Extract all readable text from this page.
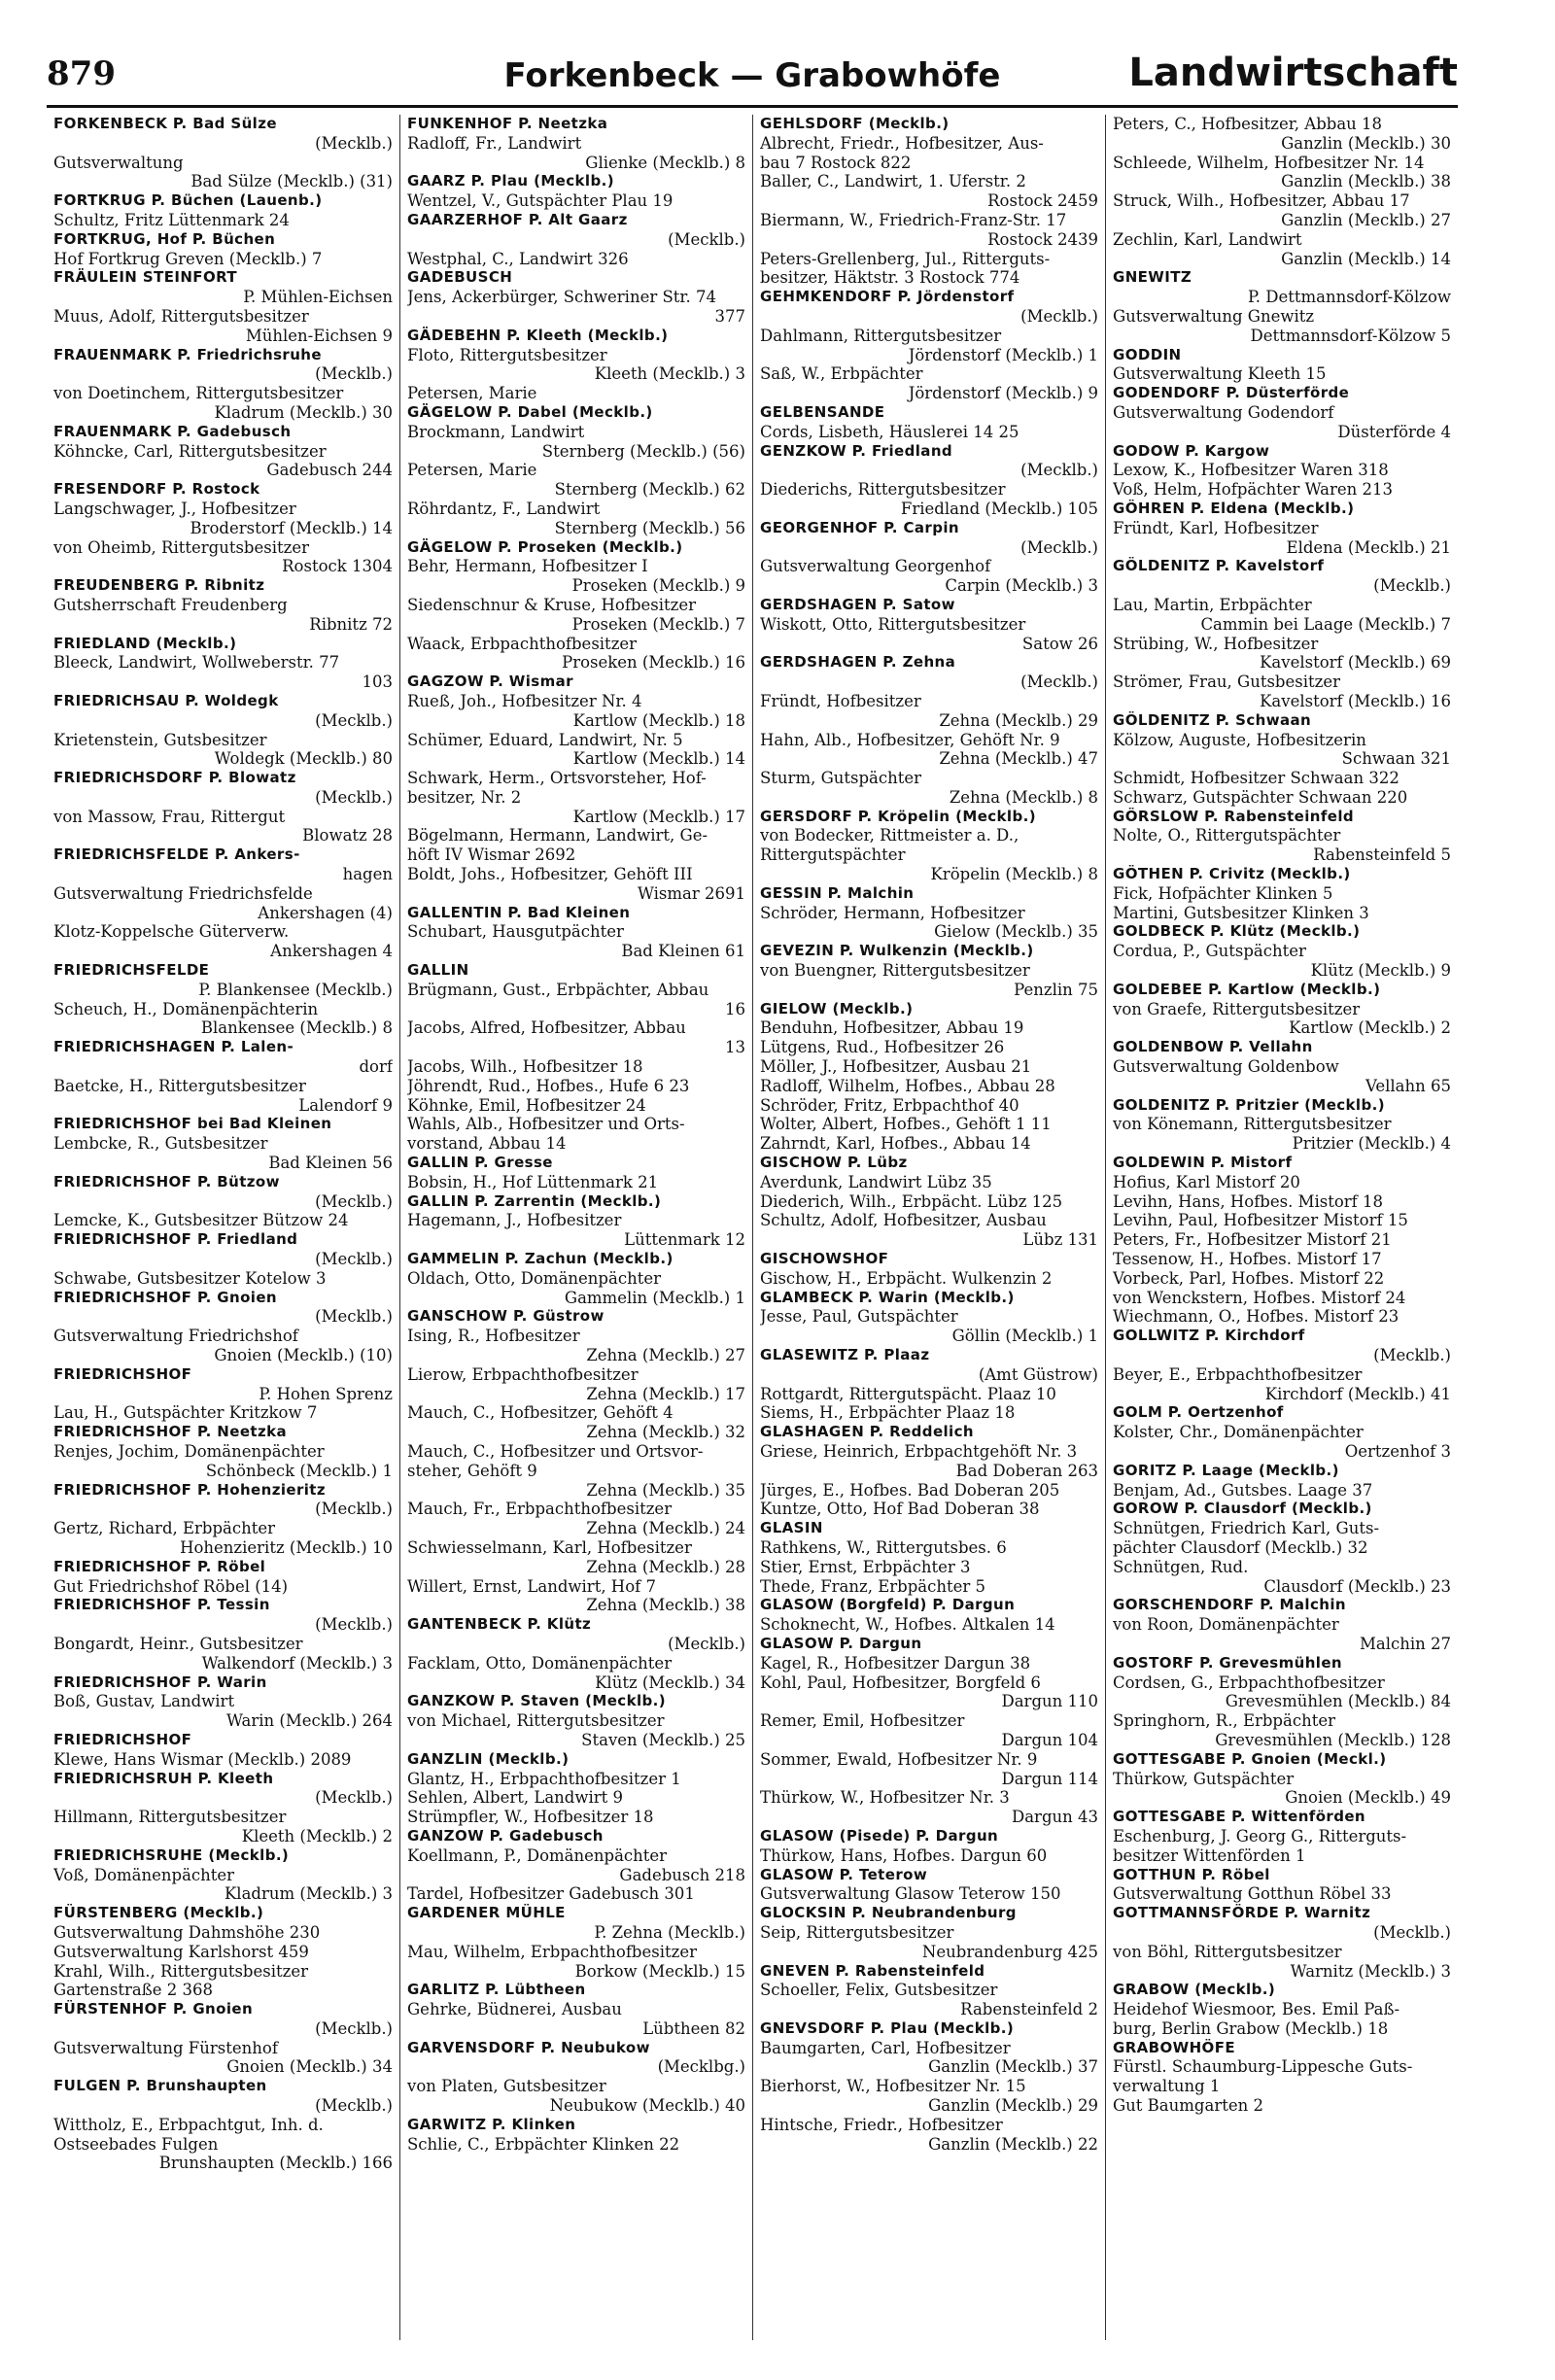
879	Forkenbeck — Grabowhöfe	Landwirtschaft
FORKENBECK P. Bad Sülze
(Mecklb.)
Gutsverwaltung
Bad Sülze (Mecklb.) (31)
FORTKRUG P. Büchen (Lauenb.)
Schultz, Fritz Lüttenmark 24
FORTKRUG, Hof P. Büchen
Hof Fortkrug Greven (Mecklb.) 7
FRÄULEIN STEINFORT
P. Mühlen-Eichsen
Muus, Adolf, Rittergutsbesitzer
Mühlen-Eichsen 9
FRAUENMARK P. Friedrichsruhe
(Mecklb.)
von Doetinchem, Rittergutsbesitzer
Kladrum (Mecklb.) 30
FRAUENMARK P. Gadebusch
Köhncke, Carl, Rittergutsbesitzer
Gadebusch 244
FRESENDORF P. Rostock
Langschwager, J., Hofbesitzer
Broderstorf (Mecklb.) 14
von Oheimb, Rittergutsbesitzer
Rostock 1304
FREUDENBERG P. Ribnitz
Gutsherrschaft Freudenberg
Ribnitz 72
FRIEDLAND (Mecklb.)
Bleeck, Landwirt, Wollweberstr. 77
103
FRIEDRICHSAU P. Woldegk
(Mecklb.)
Krietenstein, Gutsbesitzer
Woldegk (Mecklb.) 80
FRIEDRICHSDORF P. Blowatz
(Mecklb.)
von Massow, Frau, Rittergut
Blowatz 28
FRIEDRICHSFELDE P. Ankers-
hagen
Gutsverwaltung Friedrichsfelde
Ankershagen (4)
Klotz-Koppelsche Güterverw.
Ankershagen 4
FRIEDRICHSFELDE
P. Blankensee (Mecklb.)
Scheuch, H., Domänenpächterin
Blankensee (Mecklb.) 8
FRIEDRICHSHAGEN P. Lalen-
dorf
Baetcke, H., Rittergutsbesitzer
Lalendorf 9
FRIEDRICHSHOF bei Bad Kleinen
Lembcke, R., Gutsbesitzer
Bad Kleinen 56
FRIEDRICHSHOF P. Bützow
(Mecklb.)
Lemcke, K., Gutsbesitzer Bützow 24
FRIEDRICHSHOF P. Friedland
(Mecklb.)
Schwabe, Gutsbesitzer Kotelow 3
FRIEDRICHSHOF P. Gnoien
(Mecklb.)
Gutsverwaltung Friedrichshof
Gnoien (Mecklb.) (10)
FRIEDRICHSHOF
P. Hohen Sprenz
Lau, H., Gutspächter Kritzkow 7
FRIEDRICHSHOF P. Neetzka
Renjes, Jochim, Domänenpächter
Schönbeck (Mecklb.) 1
FRIEDRICHSHOF P. Hohenzieritz
(Mecklb.)
Gertz, Richard, Erbpächter
Hohenzieritz (Mecklb.) 10
FRIEDRICHSHOF P. Röbel
Gut Friedrichshof Röbel (14)
FRIEDRICHSHOF P. Tessin
(Mecklb.)
Bongardt, Heinr., Gutsbesitzer
Walkendorf (Mecklb.) 3
FRIEDRICHSHOF P. Warin
Boß, Gustav, Landwirt
Warin (Mecklb.) 264
FRIEDRICHSHOF
Klewe, Hans Wismar (Mecklb.) 2089
FRIEDRICHSRUH P. Kleeth
(Mecklb.)
Hillmann, Rittergutsbesitzer
Kleeth (Mecklb.) 2
FRIEDRICHSRUHE (Mecklb.)
Voß, Domänenpächter
Kladrum (Mecklb.) 3
FÜRSTENBERG (Mecklb.)
Gutsverwaltung Dahmshöhe 230
Gutsverwaltung Karlshorst 459
Krahl, Wilh., Rittergutsbesitzer
Gartenstraße 2 368
FÜRSTENHOF P. Gnoien
(Mecklb.)
Gutsverwaltung Fürstenhof
Gnoien (Mecklb.) 34
FULGEN P. Brunshaupten
(Mecklb.)
Wittholz, E., Erbpachtgut, Inh. d.
Ostseebades Fulgen
Brunshaupten (Mecklb.) 166
FUNKENHOF P. Neetzka
Radloff, Fr., Landwirt
Glienke (Mecklb.) 8
GAARZ P. Plau (Mecklb.)
Wentzel, V., Gutspächter Plau 19
GAARZERHOF P. Alt Gaarz
(Mecklb.)
Westphal, C., Landwirt 326
GADEBUSCH
Jens, Ackerbürger, Schweriner Str. 74
377
GÄDEBEHN P. Kleeth (Mecklb.)
Floto, Rittergutsbesitzer
Kleeth (Mecklb.) 3
Petersen, Marie
GÄGELOW P. Dabel (Mecklb.)
Brockmann, Landwirt
Sternberg (Mecklb.) (56)
Petersen, Marie
Sternberg (Mecklb.) 62
Röhrdantz, F., Landwirt
Sternberg (Mecklb.) 56
GÄGELOW P. Proseken (Mecklb.)
Behr, Hermann, Hofbesitzer I
Proseken (Mecklb.) 9
Siedenschnur & Kruse, Hofbesitzer
Proseken (Mecklb.) 7
Waack, Erbpachthofbesitzer
Proseken (Mecklb.) 16
GAGZOW P. Wismar
Rueß, Joh., Hofbesitzer Nr. 4
Kartlow (Mecklb.) 18
Schümer, Eduard, Landwirt, Nr. 5
Kartlow (Mecklb.) 14
Schwark, Herm., Ortsvorsteher, Hof-
besitzer, Nr. 2
Kartlow (Mecklb.) 17
Bögelmann, Hermann, Landwirt, Ge-
höft IV Wismar 2692
Boldt, Johs., Hofbesitzer, Gehöft III
Wismar 2691
GALLENTIN P. Bad Kleinen
Schubart, Hausgutpächter
Bad Kleinen 61
GALLIN
Brügmann, Gust., Erbpächter, Abbau
16
Jacobs, Alfred, Hofbesitzer, Abbau
13
Jacobs, Wilh., Hofbesitzer 18
Jöhrendt, Rud., Hofbes., Hufe 6 23
Köhnke, Emil, Hofbesitzer 24
Wahls, Alb., Hofbesitzer und Orts-
vorstand, Abbau 14
GALLIN P. Gresse
Bobsin, H., Hof Lüttenmark 21
GALLIN P. Zarrentin (Mecklb.)
Hagemann, J., Hofbesitzer
Lüttenmark 12
GAMMELIN P. Zachun (Mecklb.)
Oldach, Otto, Domänenpächter
Gammelin (Mecklb.) 1
GANSCHOW P. Güstrow
Ising, R., Hofbesitzer
Zehna (Mecklb.) 27
Lierow, Erbpachthofbesitzer
Zehna (Mecklb.) 17
Mauch, C., Hofbesitzer, Gehöft 4
Zehna (Mecklb.) 32
Mauch, C., Hofbesitzer und Ortsvor-
steher, Gehöft 9
Zehna (Mecklb.) 35
Mauch, Fr., Erbpachthofbesitzer
Zehna (Mecklb.) 24
Schwiesselmann, Karl, Hofbesitzer
Zehna (Mecklb.) 28
Willert, Ernst, Landwirt, Hof 7
Zehna (Mecklb.) 38
GANTENBECK P. Klütz
(Mecklb.)
Facklam, Otto, Domänenpächter
Klütz (Mecklb.) 34
GANZKOW P. Staven (Mecklb.)
von Michael, Rittergutsbesitzer
Staven (Mecklb.) 25
GANZLIN (Mecklb.)
Glantz, H., Erbpachthofbesitzer 1
Sehlen, Albert, Landwirt 9
Strümpfler, W., Hofbesitzer 18
GANZOW P. Gadebusch
Koellmann, P., Domänenpächter
Gadebusch 218
Tardel, Hofbesitzer Gadebusch 301
GARDENER MÜHLE
P. Zehna (Mecklb.)
Mau, Wilhelm, Erbpachthofbesitzer
Borkow (Mecklb.) 15
GARLITZ P. Lübtheen
Gehrke, Büdnerei, Ausbau
Lübtheen 82
GARVENSDORF P. Neubukow
(Mecklbg.)
von Platen, Gutsbesitzer
Neubukow (Mecklb.) 40
GARWITZ P. Klinken
Schlie, C., Erbpächter Klinken 22
GEHLSDORF (Mecklb.)
Albrecht, Friedr., Hofbesitzer, Aus-
bau 7 Rostock 822
Baller, C., Landwirt, 1. Uferstr. 2
Rostock 2459
Biermann, W., Friedrich-Franz-Str. 17
Rostock 2439
Peters-Grellenberg, Jul., Ritterguts-
besitzer, Häktstr. 3 Rostock 774
GEHMKENDORF P. Jördenstorf
(Mecklb.)
Dahlmann, Rittergutsbesitzer
Jördenstorf (Mecklb.) 1
Saß, W., Erbpächter
Jördenstorf (Mecklb.) 9
GELBENSANDE
Cords, Lisbeth, Häuslerei 14 25
GENZKOW P. Friedland
(Mecklb.)
Diederichs, Rittergutsbesitzer
Friedland (Mecklb.) 105
GEORGENHOF P. Carpin
(Mecklb.)
Gutsverwaltung Georgenhof
Carpin (Mecklb.) 3
GERDSHAGEN P. Satow
Wiskott, Otto, Rittergutsbesitzer
Satow 26
GERDSHAGEN P. Zehna
(Mecklb.)
Fründt, Hofbesitzer
Zehna (Mecklb.) 29
Hahn, Alb., Hofbesitzer, Gehöft Nr. 9
Zehna (Mecklb.) 47
Sturm, Gutspächter
Zehna (Mecklb.) 8
GERSDORF P. Kröpelin (Mecklb.)
von Bodecker, Rittmeister a. D.,
Rittergutspächter
Kröpelin (Mecklb.) 8
GESSIN P. Malchin
Schröder, Hermann, Hofbesitzer
Gielow (Mecklb.) 35
GEVEZIN P. Wulkenzin (Mecklb.)
von Buengner, Rittergutsbesitzer
Penzlin 75
GIELOW (Mecklb.)
Benduhn, Hofbesitzer, Abbau 19
Lütgens, Rud., Hofbesitzer 26
Möller, J., Hofbesitzer, Ausbau 21
Radloff, Wilhelm, Hofbes., Abbau 28
Schröder, Fritz, Erbpachthof 40
Wolter, Albert, Hofbes., Gehöft 1 11
Zahrndt, Karl, Hofbes., Abbau 14
GISCHOW P. Lübz
Averdunk, Landwirt Lübz 35
Diederich, Wilh., Erbpächt. Lübz 125
Schultz, Adolf, Hofbesitzer, Ausbau
Lübz 131
GISCHOWSHOF
Gischow, H., Erbpächt. Wulkenzin 2
GLAMBECK P. Warin (Mecklb.)
Jesse, Paul, Gutspächter
Göllin (Mecklb.) 1
GLASEWITZ P. Plaaz
(Amt Güstrow)
Rottgardt, Rittergutspächt. Plaaz 10
Siems, H., Erbpächter Plaaz 18
GLASHAGEN P. Reddelich
Griese, Heinrich, Erbpachtgehöft Nr. 3
Bad Doberan 263
Jürges, E., Hofbes. Bad Doberan 205
Kuntze, Otto, Hof Bad Doberan 38
GLASIN
Rathkens, W., Rittergutsbes. 6
Stier, Ernst, Erbpächter 3
Thede, Franz, Erbpächter 5
GLASOW (Borgfeld) P. Dargun
Schoknecht, W., Hofbes. Altkalen 14
GLASOW P. Dargun
Kagel, R., Hofbesitzer Dargun 38
Kohl, Paul, Hofbesitzer, Borgfeld 6
Dargun 110
Remer, Emil, Hofbesitzer
Dargun 104
Sommer, Ewald, Hofbesitzer Nr. 9
Dargun 114
Thürkow, W., Hofbesitzer Nr. 3
Dargun 43
GLASOW (Pisede) P. Dargun
Thürkow, Hans, Hofbes. Dargun 60
GLASOW P. Teterow
Gutsverwaltung Glasow Teterow 150
GLOCKSIN P. Neubrandenburg
Seip, Rittergutsbesitzer
Neubrandenburg 425
GNEVEN P. Rabensteinfeld
Schoeller, Felix, Gutsbesitzer
Rabensteinfeld 2
GNEVSDORF P. Plau (Mecklb.)
Baumgarten, Carl, Hofbesitzer
Ganzlin (Mecklb.) 37
Bierhorst, W., Hofbesitzer Nr. 15
Ganzlin (Mecklb.) 29
Hintsche, Friedr., Hofbesitzer
Ganzlin (Mecklb.) 22
Peters, C., Hofbesitzer, Abbau 18
Ganzlin (Mecklb.) 30
Schleede, Wilhelm, Hofbesitzer Nr. 14
Ganzlin (Mecklb.) 38
Struck, Wilh., Hofbesitzer, Abbau 17
Ganzlin (Mecklb.) 27
Zechlin, Karl, Landwirt
Ganzlin (Mecklb.) 14
GNEWITZ
P. Dettmannsdorf-Kölzow
Gutsverwaltung Gnewitz
Dettmannsdorf-Kölzow 5
GODDIN
Gutsverwaltung Kleeth 15
GODENDORF P. Düsterförde
Gutsverwaltung Godendorf
Düsterförde 4
GODOW P. Kargow
Lexow, K., Hofbesitzer Waren 318
Voß, Helm, Hofpächter Waren 213
GÖHREN P. Eldena (Mecklb.)
Fründt, Karl, Hofbesitzer
Eldena (Mecklb.) 21
GÖLDENITZ P. Kavelstorf
(Mecklb.)
Lau, Martin, Erbpächter
Cammin bei Laage (Mecklb.) 7
Strübing, W., Hofbesitzer
Kavelstorf (Mecklb.) 69
Strömer, Frau, Gutsbesitzer
Kavelstorf (Mecklb.) 16
GÖLDENITZ P. Schwaan
Kölzow, Auguste, Hofbesitzerin
Schwaan 321
Schmidt, Hofbesitzer Schwaan 322
Schwarz, Gutspächter Schwaan 220
GÖRSLOW P. Rabensteinfeld
Nolte, O., Rittergutspächter
Rabensteinfeld 5
GÖTHEN P. Crivitz (Mecklb.)
Fick, Hofpächter Klinken 5
Martini, Gutsbesitzer Klinken 3
GOLDBECK P. Klütz (Mecklb.)
Cordua, P., Gutspächter
Klütz (Mecklb.) 9
GOLDEBEE P. Kartlow (Mecklb.)
von Graefe, Rittergutsbesitzer
Kartlow (Mecklb.) 2
GOLDENBOW P. Vellahn
Gutsverwaltung Goldenbow
Vellahn 65
GOLDENITZ P. Pritzier (Mecklb.)
von Könemann, Rittergutsbesitzer
Pritzier (Mecklb.) 4
GOLDEWIN P. Mistorf
Hofius, Karl Mistorf 20
Levihn, Hans, Hofbes. Mistorf 18
Levihn, Paul, Hofbesitzer Mistorf 15
Peters, Fr., Hofbesitzer Mistorf 21
Tessenow, H., Hofbes. Mistorf 17
Vorbeck, Parl, Hofbes. Mistorf 22
von Wenckstern, Hofbes. Mistorf 24
Wiechmann, O., Hofbes. Mistorf 23
GOLLWITZ P. Kirchdorf
(Mecklb.)
Beyer, E., Erbpachthofbesitzer
Kirchdorf (Mecklb.) 41
GOLM P. Oertzenhof
Kolster, Chr., Domänenpächter
Oertzenhof 3
GORITZ P. Laage (Mecklb.)
Benjam, Ad., Gutsbes. Laage 37
GOROW P. Clausdorf (Mecklb.)
Schnütgen, Friedrich Karl, Guts-
pächter Clausdorf (Mecklb.) 32
Schnütgen, Rud.
Clausdorf (Mecklb.) 23
GORSCHENDORF P. Malchin
von Roon, Domänenpächter
Malchin 27
GOSTORF P. Grevesmühlen
Cordsen, G., Erbpachthofbesitzer
Grevesmühlen (Mecklb.) 84
Springhorn, R., Erbpächter
Grevesmühlen (Mecklb.) 128
GOTTESGABE P. Gnoien (Meckl.)
Thürkow, Gutspächter
Gnoien (Mecklb.) 49
GOTTESGABE P. Wittenförden
Eschenburg, J. Georg G., Ritterguts-
besitzer Wittenförden 1
GOTTHUN P. Röbel
Gutsverwaltung Gotthun Röbel 33
GOTTMANNSFÖRDE P. Warnitz
(Mecklb.)
von Böhl, Rittergutsbesitzer
Warnitz (Mecklb.) 3
GRABOW (Mecklb.)
Heidehof Wiesmoor, Bes. Emil Paß-
burg, Berlin Grabow (Mecklb.) 18
GRABOWHÖFE
Fürstl. Schaumburg-Lippesche Guts-
verwaltung 1
Gut Baumgarten 2
